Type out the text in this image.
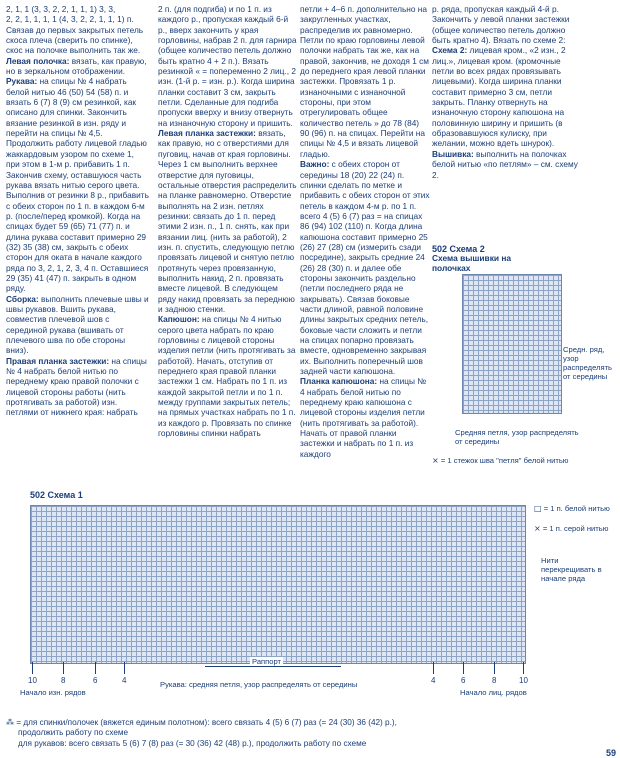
2, 1, 1 (3, 3, 2, 2, 1, 1, 1) 3, 3,

2, 2, 1, 1, 1, 1 (4, 3, 2, 2, 1, 1, 1) п.

Связав до первых закрытых петель скоса плеча (сверить по спинке), скос на полочке выполнить так же.

Левая полочка: вязать, как правую, но в зеркальном отображении.

Рукава: на спицы № 4 набрать белой нитью 46 (50) 54 (58) п. и вязать 6 (7) 8 (9) см резинкой, как описано для спинки. Закончить вязание резинкой в изн. ряду и перейти на спицы № 4,5. Продолжить работу лицевой гладью жаккардовым узором по схеме 1, при этом в 1-м р. прибавить 1 п. Закончив схему, оставшуюся часть рукава вязать нитью серого цвета. Выполнив от резинки 8 р., прибавить с обеих сторон по 1 п. в каждом 6-м р. (после/перед кромкой). Когда на спицах будет 59 (65) 71 (77) п. и длина рукава составит примерно 29 (32) 35 (38) см, закрыть с обеих сторон для оката в начале каждого ряда по 3, 2, 1, 2, 3, 4 п. Оставшиеся 29 (35) 41 (47) п. закрыть в одном ряду.

Сборка: выполнить плечевые швы и швы рукавов. Вшить рукава, совместив плечевой шов с серединой рукава (вшивать от плечевого шва по обе стороны вниз).

Правая планка застежки: на спицы № 4 набрать белой нитью по переднему краю правой полочки с лицевой стороны работы (нить протягивать за работой) изн. петлями от нижнего края: набрать

2 п. (для подгиба) и по 1 п. из каждого р., пропуская каждый 6-й р., вверх закончить у края горловины, набрав 2 п. для гарнира (общее количество петель должно быть кратно 4 + 2 п.). Вязать резинкой « = попеременно 2 лиц., 2 изн. (1-й р. = изн. р.). Когда ширина планки составит 3 см, закрыть петли. Сделанные для подгиба пропуски вверху и внизу отвернуть на изнаночную сторону и пришить.

Левая планка застежки: вязать, как правую, но с отверстиями для пуговиц, начав от края горловины. Через 1 см выполнить верхнее отверстие для пуговицы, остальные отверстия распределить на планке равномерно. Отверстие выполнять на 2 изн. петлях резинки: связать до 1 п. перед этими 2 изн. п., 1 п. снять, как при вязании лиц. (нить за работой), 2 изн. п. спустить, следующую петлю провязать лицевой и снятую петлю протянуть через провязанную, выполнить накид, 2 п. провязать вместе лицевой. В следующем ряду накид провязать за переднюю и заднюю стенки.

Капюшон: на спицы № 4 нитью серого цвета набрать по краю горловины с лицевой стороны изделия петли (нить протягивать за работой). Начать, отступив от переднего края правой планки застежки 1 см. Набрать по 1 п. из каждой закрытой петли и по 1 п. между группами закрытых петель; на прямых участках набрать по 1 п. из каждого р. Провязать по спинке горловины спинки набрать

петли + 4–6 п. дополнительно на закругленных участках, распределив их равномерно. Петли по краю горловины левой полочки набрать так же, как на правой, закончив, не доходя 1 см до переднего края левой планки застежки. Провязать 1 р. изнаночными с изнаночной стороны, при этом отрегулировать общее количество петель » до 78 (84) 90 (96) п. на спицах. Перейти на спицы № 4,5 и вязать лицевой гладью.

Важно: с обеих сторон от середины 18 (20) 22 (24) п. спинки сделать по метке и прибавить с обеих сторон от этих петель в каждом 4-м р. по 1 п. всего 4 (5) 6 (7) раз = на спицах 86 (94) 102 (110) п. Когда длина капюшона составит примерно 25 (26) 27 (28) см (измерить сзади посредине), закрыть средние 24 (26) 28 (30) п. и далее обе стороны закончить раздельно (петли последнего ряда не закрывать). Связав боковые части длиной, равной половине длины закрытых средних петель, боковые части сложить и петли на спицах попарно провязать вместе, одновременно закрывая их. Выполнить поперечный шов задней части капюшона.

Планка капюшона: на спицы № 4 набрать белой нитью по переднему краю капюшона с лицевой стороны изделия петли (нить протягивать за работой). Начать от правой планки застежки и набрать по 1 п. из каждого

р. ряда, пропуская каждый 4-й р. Закончить у левой планки застежки (общее количество петель должно быть кратно 4). Вязать по схеме 2:

Схема 2: лицевая кром., «2 изн., 2 лиц.», лицевая кром. (кромочные петли во всех рядах провязывать лицевыми). Когда ширина планки составит примерно 3 см, петли закрыть. Планку отвернуть на изнаночную сторону капюшона на половинную ширину и пришить (в образовавшуюся кулиску, при желании, можно вдеть шнурок).

Вышивка: выполнить на полочках белой нитью «по петлям» – см. схему 2.

502 Схема 2
Схема вышивки на полочках
Средн. ряд, узор распределять от середины
Средняя петля, узор распределять от середины
× = 1 стежок шва "петля" белой нитью
502 Схема 1
□ = 1 п. белой нитью
× = 1 п. серой нитью
Нити перекрещивать в начале ряда
10	8	6	4	4	6	8	10
Раппорт
Начало изн. рядов	Начало лиц. рядов
Рукава: средняя петля, узор распределять от середины
⁂ = для спинки/полочек (вяжется единым полотном): всего связать 4 (5) 6 (7) раз (= 24 (30) 36 (42) р.),
продолжить работу по схеме
для рукавов: всего связать 5 (6) 7 (8) раз (= 30 (36) 42 (48) р.), продолжить работу по схеме
59
